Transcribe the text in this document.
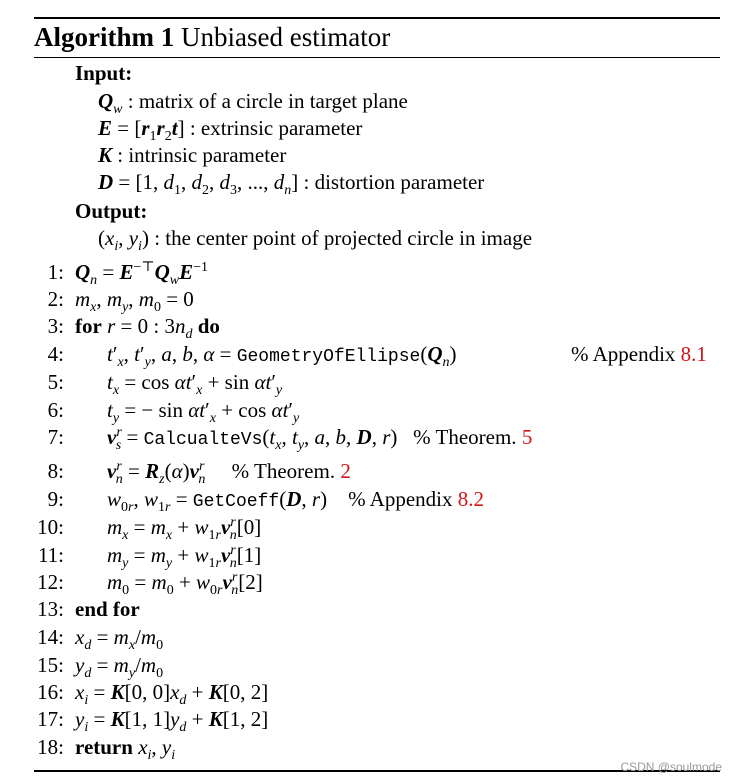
Algorithm 1 Unbiased estimator
Input:
$Q_w$ : matrix of a circle in target plane
$E = [r_1r_2t]$ : extrinsic parameter
K : intrinsic parameter
D = [1, $d_1$, $d_2$, $d_3$, ..., $d_n$] : distortion parameter
Output:
($x_i$, $y_i$) : the center point of projected circle in image
1:
2:
3:
4:
5:
6:
7:
8:
9:
10:
11:
12:
13:
14:
15:
16:
17:
18:
$Q_n = E^{-⊤}Q_wE^{-1}$
$m_x$, $m_y$, $m_0 = 0$
for r = 0 : $3n_d$ do
$t'_x$, $t'_y$, a, b, $\alpha = GeometryOfEllipse(Q_n)$	% Appendix 8.1
$t_x = \cos \alpha t'_x + \sin \alpha t'_y$
$t_y$ = − $\sin \alpha t'_x + \cos \alpha t'_y$
$v^r_s$ = $CalcualteVs(t_x$, $t_y$, a, b, D, r)   % Theorem. 5
$v^r_n = R_z(\alpha)v^r_n$ % Theorem. 2
$w_{0r}$, $w_{1r}$ = GetCoeff(D, r)    % Appendix 8.2
$m_x = m_x + w_{1r}v^r_n[0]$
$m_y = m_y + w_{1r}v^r_n[1]$
$m_0 = m_0 + w_{0r}v^r_n[2]$
end for
$x_d = m_x/m_0$
$y_d = m_y/m_0$
$x_i = K[0$, $0]x_d + K[0$, 2]
$y_i = K[1$, $1]y_d + K[1$, 2]
return $x_i$, $y_i$
CSDN @soulmode
